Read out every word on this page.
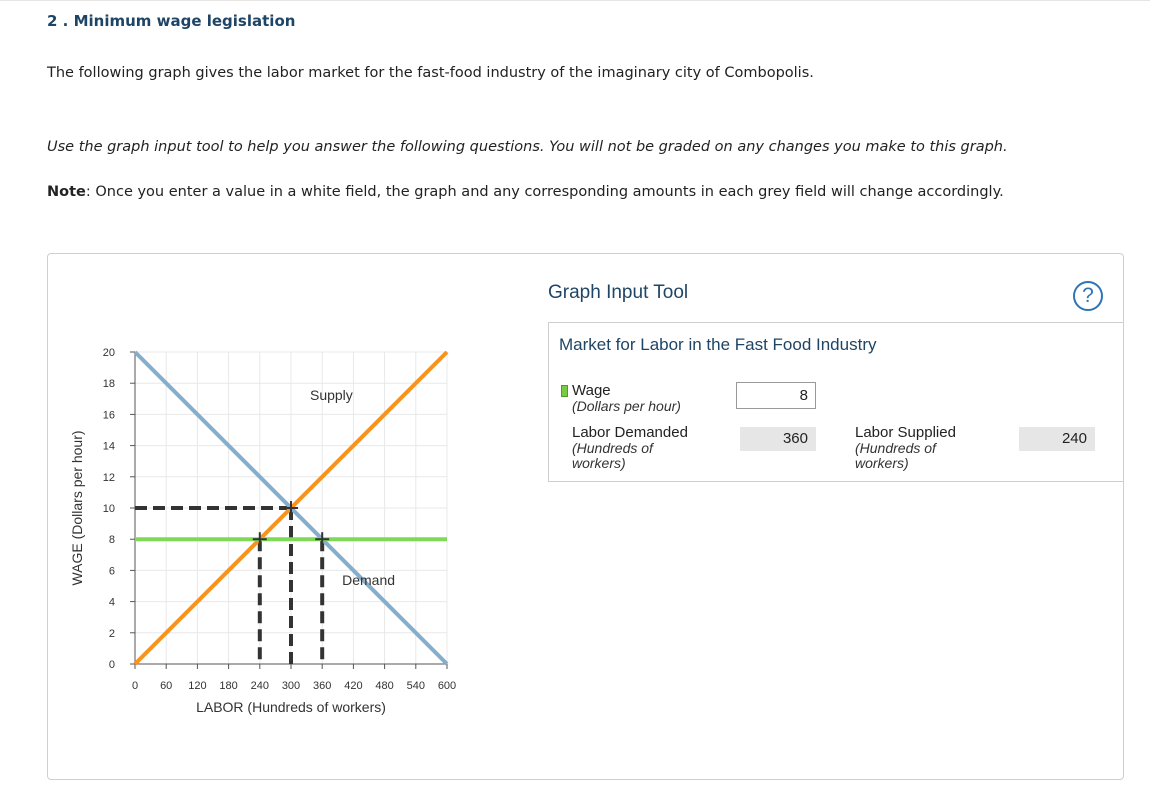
2 . Minimum wage legislation
The following graph gives the labor market for the fast-food industry of the imaginary city of Combopolis.
Use the graph input tool to help you answer the following questions. You will not be graded on any changes you make to this graph.
Note: Once you enter a value in a white field, the graph and any corresponding amounts in each grey field will change accordingly.
0
2
4
6
8
10
12
14
16
18
20
0 60 120 180 240 300 360 420 480 540 600
LABOR (Hundreds of workers)
WAGE (Dollars per hour)
Supply
Demand
Graph Input Tool	?
Market for Labor in the Fast Food Industry
Wage
(Dollars per hour)
8
Labor Demanded
(Hundreds of
workers)
360	Labor Supplied
(Hundreds of
workers)
240
